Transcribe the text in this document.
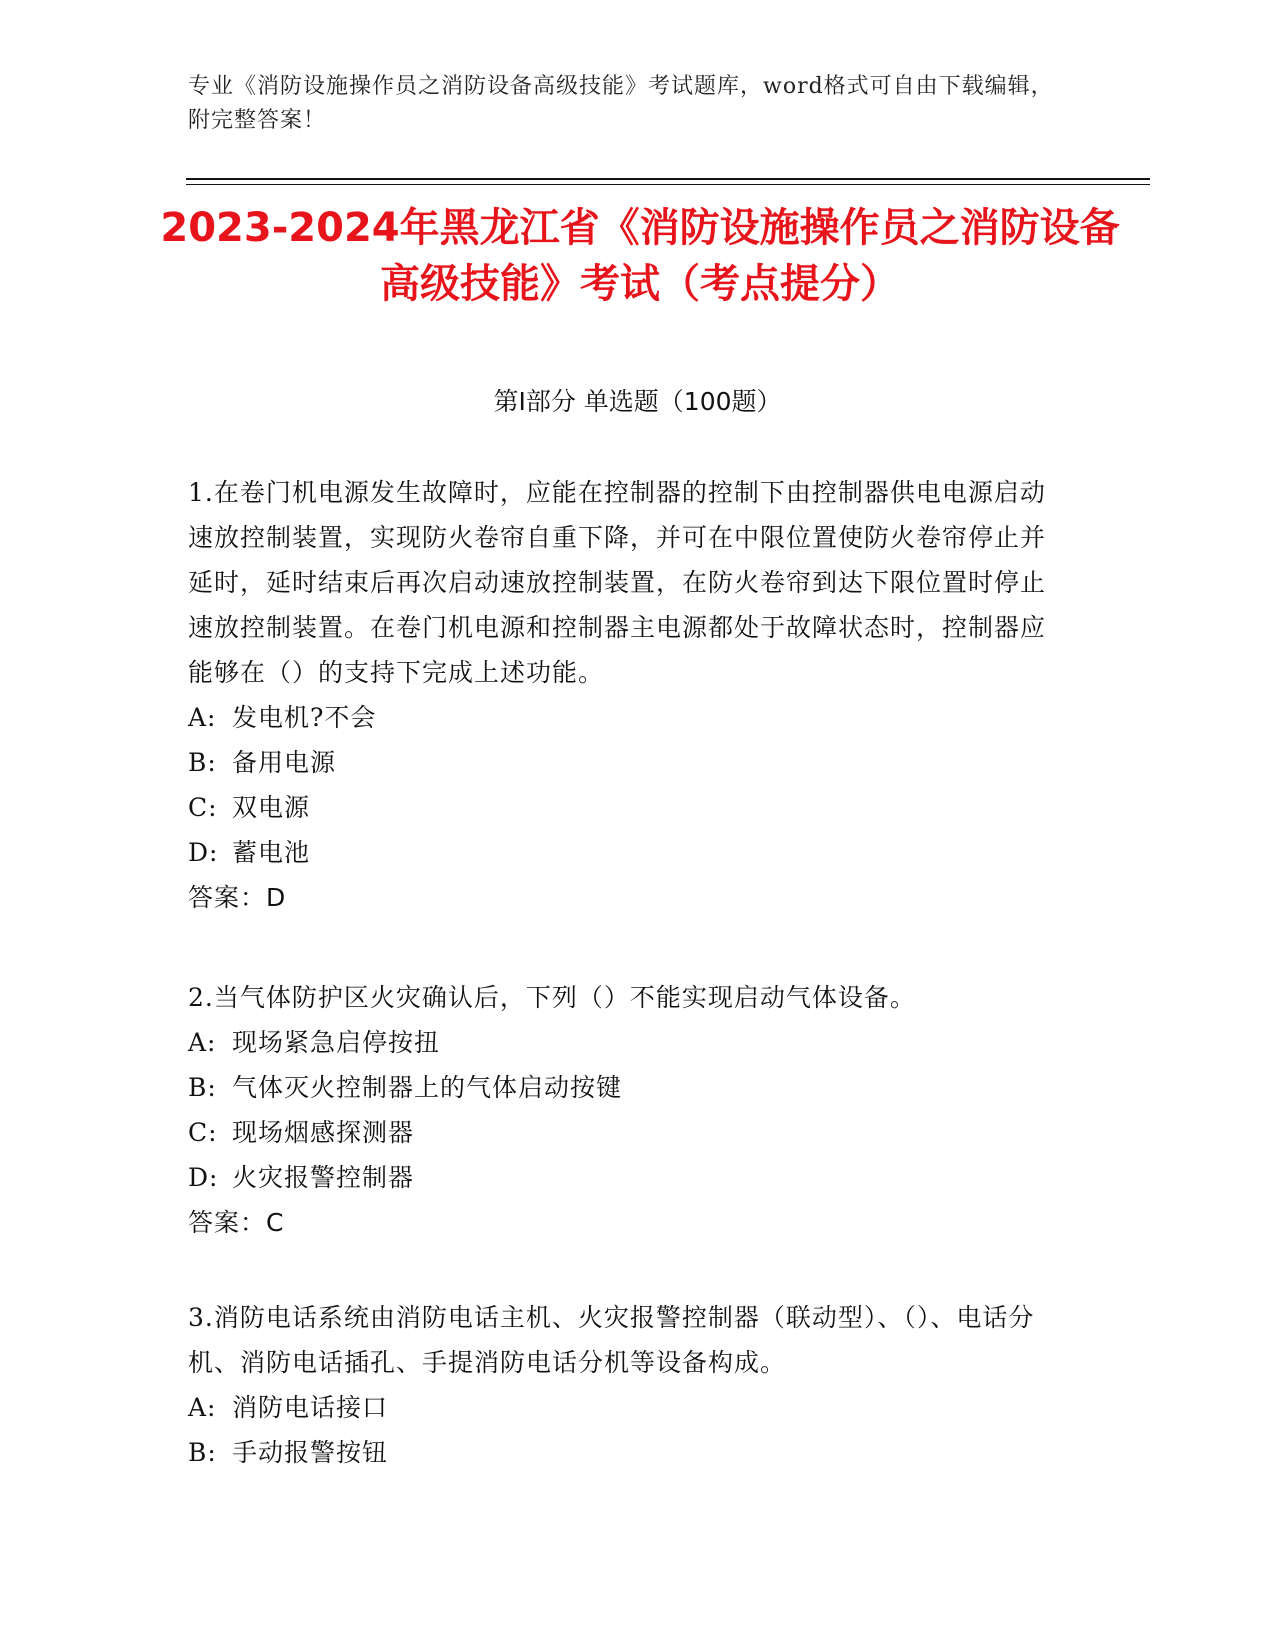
专业《消防设施操作员之消防设备高级技能》考试题库，word格式可自由下载编辑，附完整答案！
2023-2024年黑龙江省《消防设施操作员之消防设备高级技能》考试（考点提分）
第Ⅰ部分 单选题（100题）

1.在卷门机电源发生故障时，应能在控制器的控制下由控制器供电电源启动速放控制装置，实现防火卷帘自重下降，并可在中限位置使防火卷帘停止并延时，延时结束后再次启动速放控制装置，在防火卷帘到达下限位置时停止速放控制装置。在卷门机电源和控制器主电源都处于故障状态时，控制器应能够在（）的支持下完成上述功能。

A: 发电机?不会

B: 备用电源

C: 双电源

D: 蓄电池

答案：D

2.当气体防护区火灾确认后，下列（）不能实现启动气体设备。

A: 现场紧急启停按扭

B: 气体灭火控制器上的气体启动按键

C: 现场烟感探测器

D: 火灾报警控制器

答案：C

3.消防电话系统由消防电话主机、火灾报警控制器（联动型）、（）、电话分机、消防电话插孔、手提消防电话分机等设备构成。

A: 消防电话接口

B: 手动报警按钮
